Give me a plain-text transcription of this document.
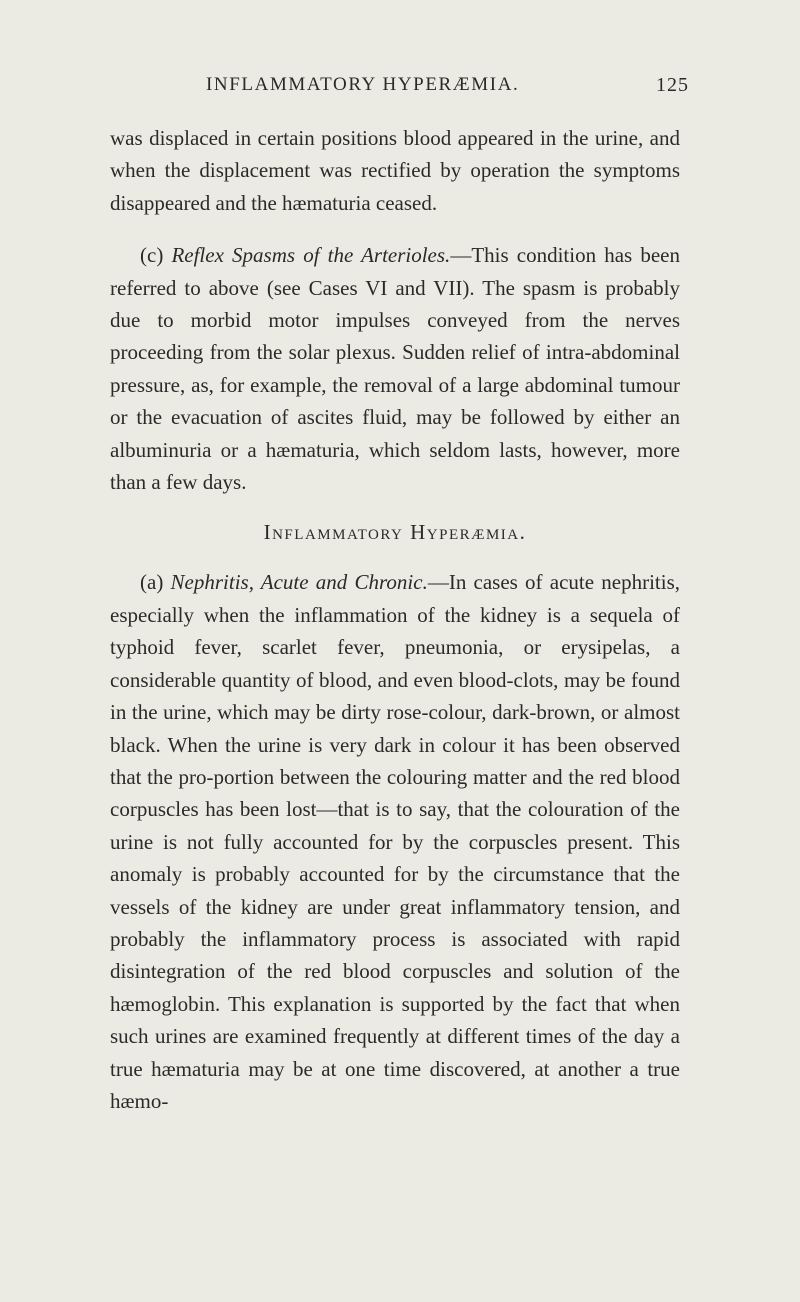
INFLAMMATORY HYPERÆMIA.	125

was displaced in certain positions blood appeared in the urine, and when the displacement was rectified by operation the symptoms disappeared and the hæmaturia ceased.

(c) Reflex Spasms of the Arterioles.—This condition has been referred to above (see Cases VI and VII). The spasm is probably due to morbid motor impulses conveyed from the nerves proceeding from the solar plexus. Sudden relief of intra-abdominal pressure, as, for example, the removal of a large abdominal tumour or the evacuation of ascites fluid, may be followed by either an albuminuria or a hæmaturia, which seldom lasts, however, more than a few days.

Inflammatory Hyperæmia.

(a) Nephritis, Acute and Chronic.—In cases of acute nephritis, especially when the inflammation of the kidney is a sequela of typhoid fever, scarlet fever, pneumonia, or erysipelas, a considerable quantity of blood, and even blood-clots, may be found in the urine, which may be dirty rose-colour, dark-brown, or almost black. When the urine is very dark in colour it has been observed that the pro-portion between the colouring matter and the red blood corpuscles has been lost—that is to say, that the colouration of the urine is not fully accounted for by the corpuscles present. This anomaly is probably accounted for by the circumstance that the vessels of the kidney are under great inflammatory tension, and probably the inflammatory process is associated with rapid disintegration of the red blood corpuscles and solution of the hæmoglobin. This explanation is supported by the fact that when such urines are examined frequently at different times of the day a true hæmaturia may be at one time discovered, at another a true hæmo-
